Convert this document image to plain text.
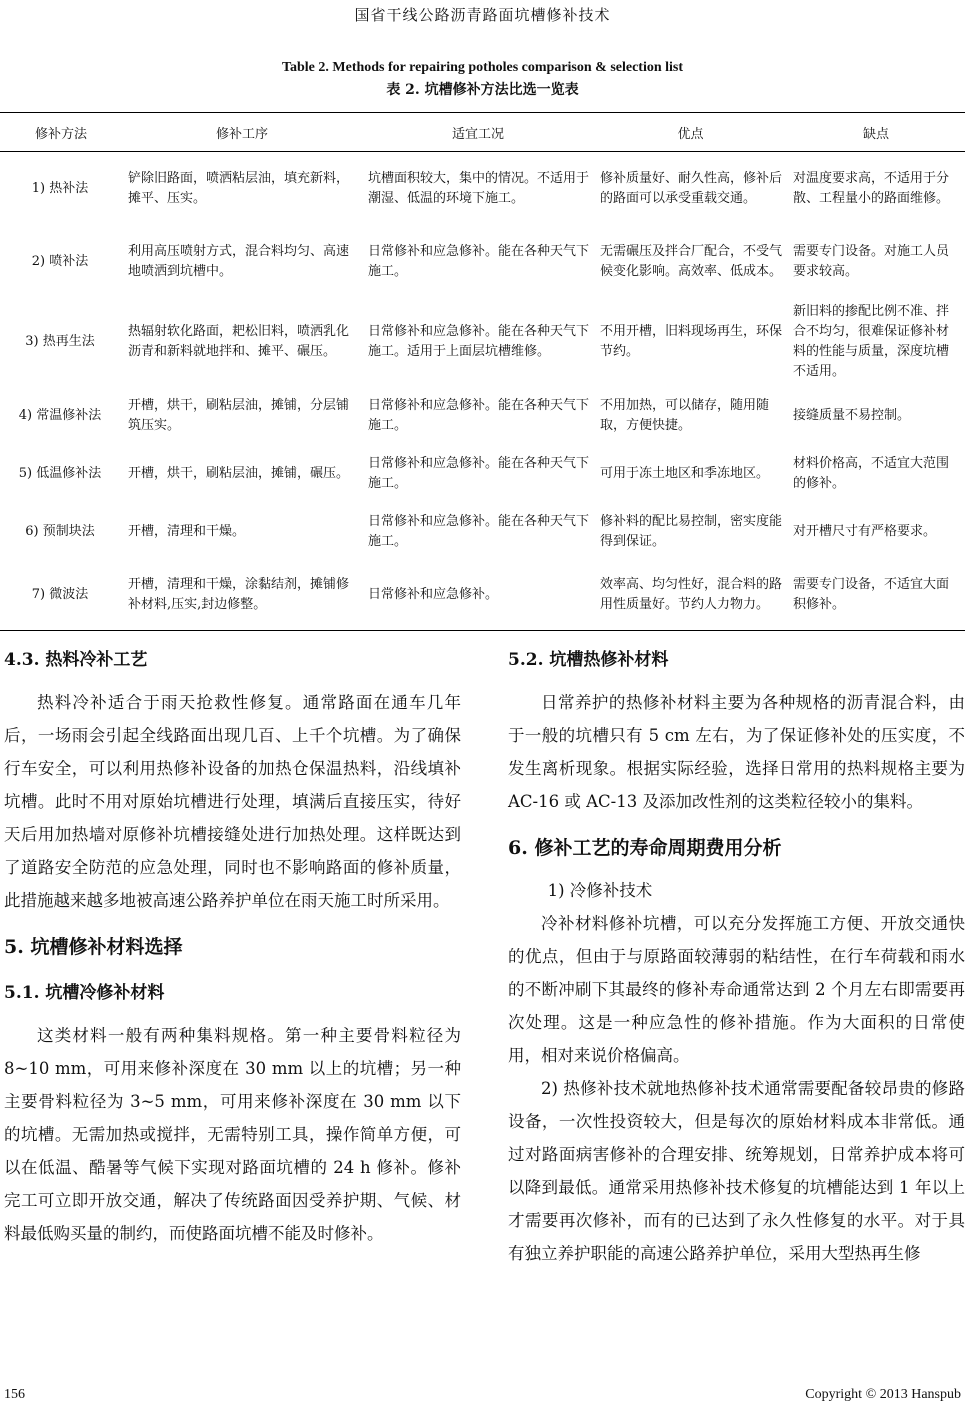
国省干线公路沥青路面坑槽修补技术
Table 2. Methods for repairing potholes comparison & selection list
表 2. 坑槽修补方法比选一览表
修补方法	修补工序	适宜工况	优点	缺点
1) 热补法	铲除旧路面，喷洒粘层油，填充新料，摊平、压实。	坑槽面积较大，集中的情况。不适用于潮湿、低温的环境下施工。	修补质量好、耐久性高，修补后的路面可以承受重载交通。	对温度要求高，不适用于分散、工程量小的路面维修。
2) 喷补法	利用高压喷射方式，混合料均匀、高速地喷洒到坑槽中。	日常修补和应急修补。能在各种天气下施工。	无需碾压及拌合厂配合，不受气候变化影响。高效率、低成本。	需要专门设备。对施工人员要求较高。
3) 热再生法	热辐射软化路面，耙松旧料，喷洒乳化沥青和新料就地拌和、摊平、碾压。	日常修补和应急修补。能在各种天气下施工。适用于上面层坑槽维修。	不用开槽，旧料现场再生，环保节约。	新旧料的掺配比例不准、拌合不均匀，很难保证修补材料的性能与质量，深度坑槽不适用。
4) 常温修补法	开槽，烘干，刷粘层油，摊铺，分层铺筑压实。	日常修补和应急修补。能在各种天气下施工。	不用加热，可以储存，随用随取，方便快捷。	接缝质量不易控制。
5) 低温修补法	开槽，烘干，刷粘层油，摊铺，碾压。	日常修补和应急修补。能在各种天气下施工。	可用于冻土地区和季冻地区。	材料价格高，不适宜大范围的修补。
6) 预制块法	开槽，清理和干燥。	日常修补和应急修补。能在各种天气下施工。	修补料的配比易控制，密实度能得到保证。	对开槽尺寸有严格要求。
7) 微波法	开槽，清理和干燥，涂黏结剂，摊铺修补材料,压实,封边修整。	日常修补和应急修补。	效率高、均匀性好，混合料的路用性质量好。节约人力物力。	需要专门设备，不适宜大面积修补。
4.3. 热料冷补工艺

热料冷补适合于雨天抢救性修复。通常路面在通车几年后，一场雨会引起全线路面出现几百、上千个坑槽。为了确保行车安全，可以利用热修补设备的加热仓保温热料，沿线填补坑槽。此时不用对原始坑槽进行处理，填满后直接压实，待好天后用加热墙对原修补坑槽接缝处进行加热处理。这样既达到了道路安全防范的应急处理，同时也不影响路面的修补质量，此措施越来越多地被高速公路养护单位在雨天施工时所采用。

5. 坑槽修补材料选择
5.1. 坑槽冷修补材料

这类材料一般有两种集料规格。第一种主要骨料粒径为 8~10 mm，可用来修补深度在 30 mm 以上的坑槽；另一种主要骨料粒径为 3~5 mm，可用来修补深度在 30 mm 以下的坑槽。无需加热或搅拌，无需特别工具，操作简单方便，可以在低温、酷暑等气候下实现对路面坑槽的 24 h 修补。修补完工可立即开放交通，解决了传统路面因受养护期、气候、材料最低购买量的制约，而使路面坑槽不能及时修补。

5.2. 坑槽热修补材料

日常养护的热修补材料主要为各种规格的沥青混合料，由于一般的坑槽只有 5 cm 左右，为了保证修补处的压实度，不发生离析现象。根据实际经验，选择日常用的热料规格主要为 AC-16 或 AC-13 及添加改性剂的这类粒径较小的集料。

6. 修补工艺的寿命周期费用分析

1) 冷修补技术

冷补材料修补坑槽，可以充分发挥施工方便、开放交通快的优点，但由于与原路面较薄弱的粘结性，在行车荷载和雨水的不断冲刷下其最终的修补寿命通常达到 2 个月左右即需要再次处理。这是一种应急性的修补措施。作为大面积的日常使用，相对来说价格偏高。

2) 热修补技术就地热修补技术通常需要配备较昂贵的修路设备，一次性投资较大，但是每次的原始材料成本非常低。通过对路面病害修补的合理安排、统筹规划，日常养护成本将可以降到最低。通常采用热修补技术修复的坑槽能达到 1 年以上才需要再次修补，而有的已达到了永久性修复的水平。对于具有独立养护职能的高速公路养护单位，采用大型热再生修

156	Copyright © 2013 Hanspub
